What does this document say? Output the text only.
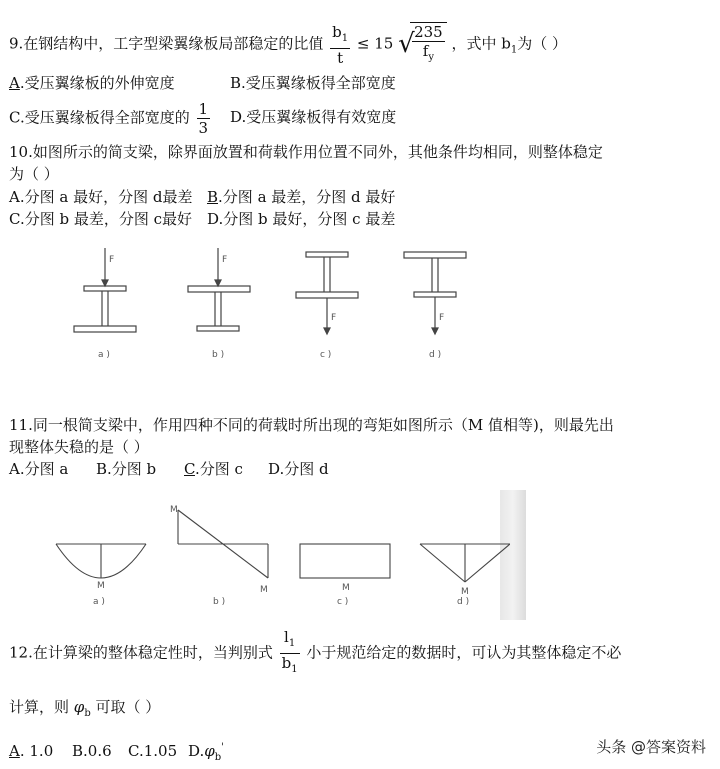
9.在钢结构中，工字型梁翼缘板局部稳定的比值 $\frac{b_1}{t} \le 15$ √
$\frac{235}{f_y}$ ，式中 $b_1$为（ ）
A.受压翼缘板的外伸宽度	B.受压翼缘板得全部宽度
C.受压翼缘板得全部宽度的 $\frac{1}{3} D$.受压翼缘板得有效宽度
10.如图所示的简支梁，除界面放置和荷载作用位置不同外，其他条件均相同，则整体稳定
为（ ）
A.分图 a 最好，分图 d最差 B.分图 a 最差，分图 d 最好
C.分图 b 最差，分图 c最好 D.分图 b 最好，分图 c 最差
F	F
F	F
a )	b )	c )	d )
11.同一根简支梁中，作用四种不同的荷载时所出现的弯矩如图所示（M 值相等)，则最先出
现整体失稳的是（ ）
A.分图 a B.分图 b C.分图 c D.分图 d
M
M
M	M	M
a )	b )	c )	d )
12.在计算梁的整体稳定性时，当判别式 $\frac{l_1}{b_1}$ 小于规范给定的数据时，可认为其整体稳定不必
计算，则 $\varphi_b$ 可取（ ）
A. 1.0 B.0.6 C.1.05 $D.\varphi_b'$	头条 @答案资料
